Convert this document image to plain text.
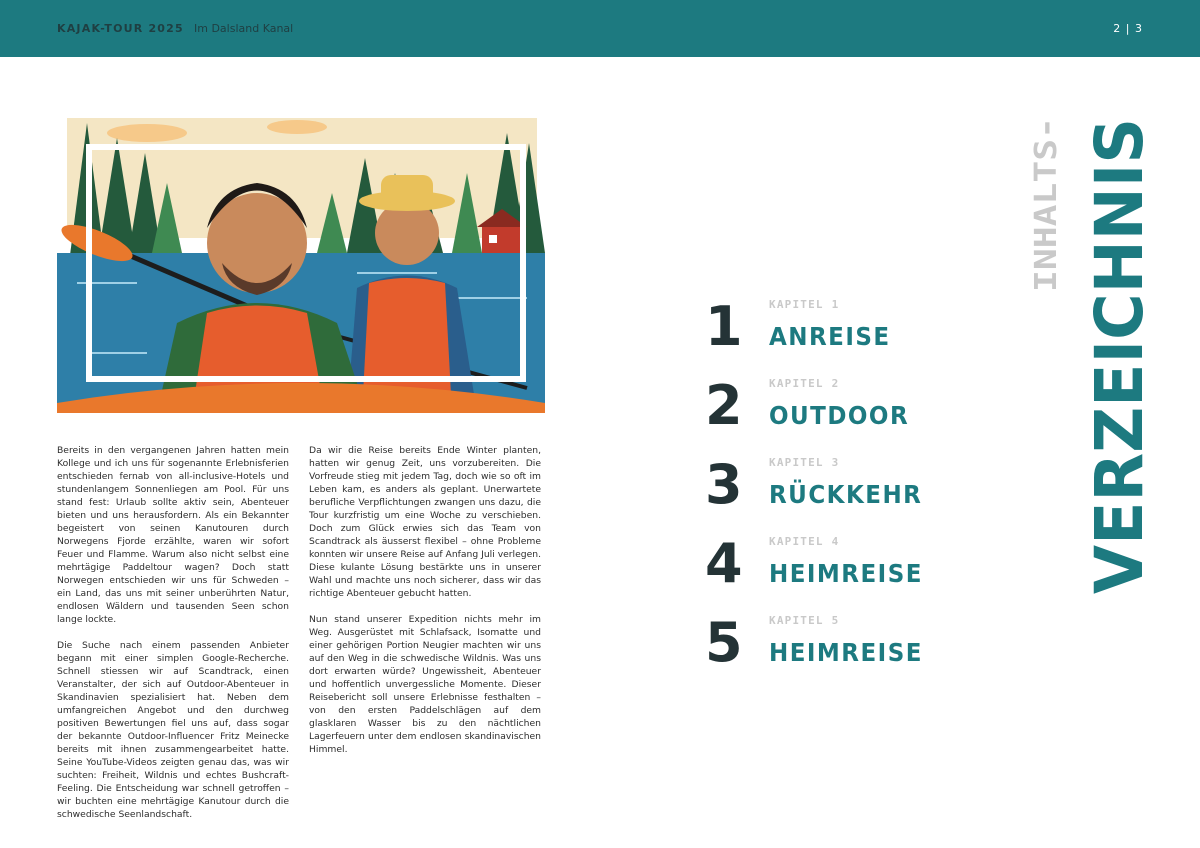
KAJAK-TOUR 2025 Im Dalsland Kanal	2 | 3

Bereits in den vergangenen Jahren hatten mein Kollege und ich uns für sogenannte Erlebnisferien entschieden fernab von all-inclusive-Hotels und stundenlangem Sonnenliegen am Pool. Für uns stand fest: Urlaub sollte aktiv sein, Abenteuer bieten und uns herausfordern. Als ein Bekannter begeistert von seinen Kanutouren durch Norwegens Fjorde erzählte, waren wir sofort Feuer und Flamme. Warum also nicht selbst eine mehrtägige Paddeltour wagen? Doch statt Norwegen entschieden wir uns für Schweden – ein Land, das uns mit seiner unberührten Natur, endlosen Wäldern und tausenden Seen schon lange lockte.

Die Suche nach einem passenden Anbieter begann mit einer simplen Google-Recherche. Schnell stiessen wir auf Scandtrack, einen Veranstalter, der sich auf Outdoor-Abenteuer in Skandinavien spezialisiert hat. Neben dem umfangreichen Angebot und den durchweg positiven Bewertungen fiel uns auf, dass sogar der bekannte Outdoor-Influencer Fritz Meinecke bereits mit ihnen zusammengearbeitet hatte. Seine YouTube-Videos zeigten genau das, was wir suchten: Freiheit, Wildnis und echtes Bushcraft-Feeling. Die Entscheidung war schnell getroffen – wir buchten eine mehrtägige Kanutour durch die schwedische Seenlandschaft.

Da wir die Reise bereits Ende Winter planten, hatten wir genug Zeit, uns vorzubereiten. Die Vorfreude stieg mit jedem Tag, doch wie so oft im Leben kam, es anders als geplant. Unerwartete berufliche Verpflichtungen zwangen uns dazu, die Tour kurzfristig um eine Woche zu verschieben. Doch zum Glück erwies sich das Team von Scandtrack als äusserst flexibel – ohne Probleme konnten wir unsere Reise auf Anfang Juli verlegen. Diese kulante Lösung bestärkte uns in unserer Wahl und machte uns noch sicherer, dass wir das richtige Abenteuer gebucht hatten.

Nun stand unserer Expedition nichts mehr im Weg. Ausgerüstet mit Schlafsack, Isomatte und einer gehörigen Portion Neugier machten wir uns auf den Weg in die schwedische Wildnis. Was uns dort erwarten würde? Ungewissheit, Abenteuer und hoffentlich unvergessliche Momente. Dieser Reisebericht soll unsere Erlebnisse festhalten – von den ersten Paddelschlägen auf dem glasklaren Wasser bis zu den nächtlichen Lagerfeuern unter dem endlosen skandinavischen Himmel.

1 KAPITEL 1
ANREISE
2 KAPITEL 2
OUTDOOR
3 KAPITEL 3
RÜCKKEHR
4 KAPITEL 4
HEIMREISE
5 KAPITEL 5
HEIMREISE
INHALTS- VERZEICHNIS
